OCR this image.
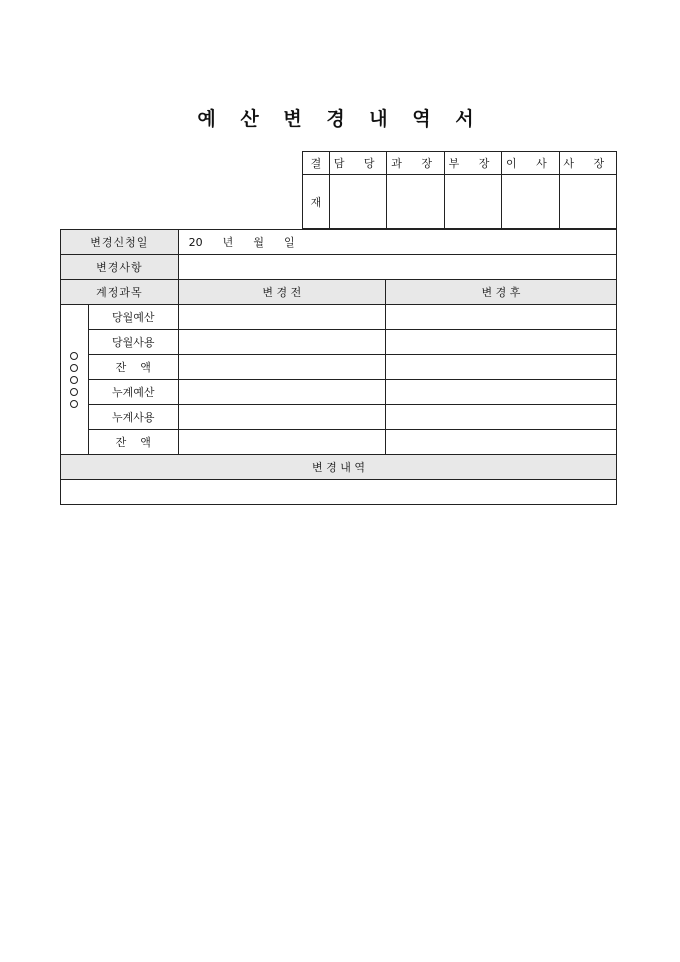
예 산 변 경 내 역 서
결	담 당	과 장	부 장	이 사	사 장
재					
변경신청일		20 년 월 일	
변경사항			
계정과목		변 경 전	변 경 후

	당월예산		
	당월사용		
	잔    액		
	누계예산		
	누계사용		
	잔    액		
변 경 내 역			
